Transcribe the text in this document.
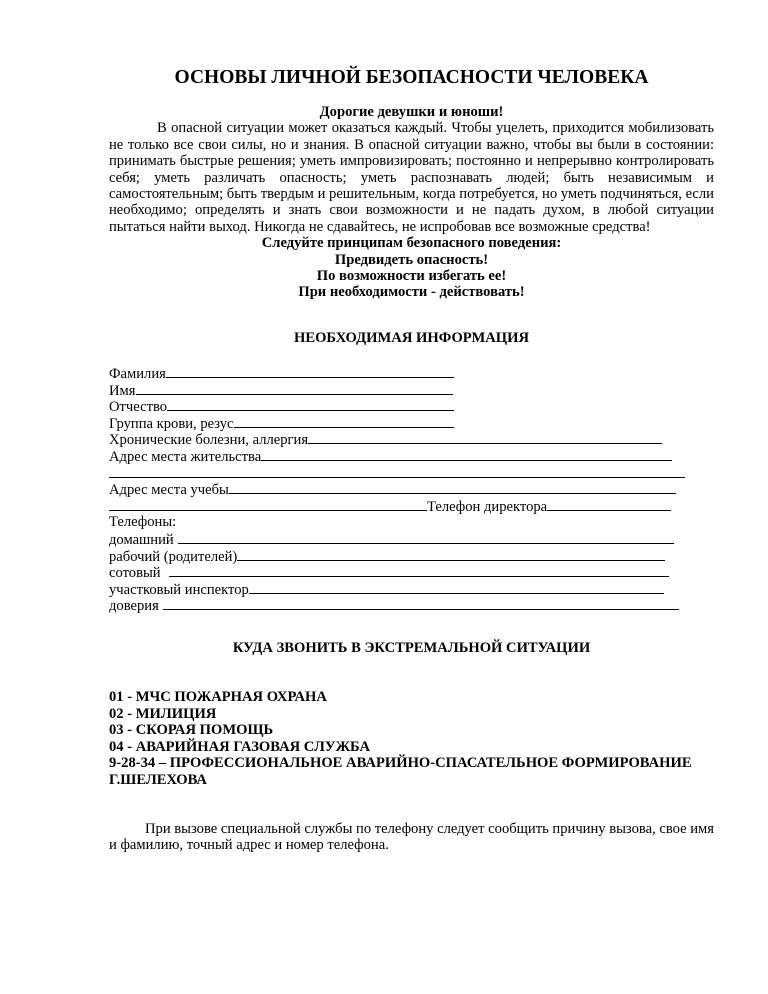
ОСНОВЫ ЛИЧНОЙ БЕЗОПАСНОСТИ ЧЕЛОВЕКА
Дорогие девушки и юноши!

В опасной ситуации может оказаться каждый. Чтобы уцелеть, приходится мобилизовать не только все свои силы, но и знания. В опасной ситуации важно, чтобы вы были в состоянии: принимать быстрые решения; уметь импровизировать; постоянно и непрерывно контролировать себя; уметь различать опасность; уметь распознавать людей; быть независимым и самостоятельным; быть твердым и решительным, когда потребуется, но уметь подчиняться, если необходимо; определять и знать свои возможности и не падать духом, в любой ситуации пытаться найти выход. Никогда не сдавайтесь, не испробовав все возможные средства!

Следуйте принципам безопасного поведения:
Предвидеть опасность!
По возможности избегать ее!
При необходимости - действовать!
НЕОБХОДИМАЯ ИНФОРМАЦИЯ
Фамилия
Имя
Отчество
Группа крови, резус
Хронические болезни, аллергия
Адрес места жительства
Адрес места учебы
Телефон директора
Телефоны:
домашний
рабочий (родителей)
сотовый
участковый инспектор
доверия
КУДА ЗВОНИТЬ В ЭКСТРЕМАЛЬНОЙ СИТУАЦИИ
01 - МЧС ПОЖАРНАЯ ОХРАНА
02 - МИЛИЦИЯ
03 - СКОРАЯ ПОМОЩЬ
04 - АВАРИЙНАЯ ГАЗОВАЯ СЛУЖБА
9-28-34 – ПРОФЕССИОНАЛЬНОЕ АВАРИЙНО-СПАСАТЕЛЬНОЕ ФОРМИРОВАНИЕ Г.ШЕЛЕХОВА

При вызове специальной службы по телефону следует сообщить причину вызова, свое имя и фамилию, точный адрес и номер телефона.
